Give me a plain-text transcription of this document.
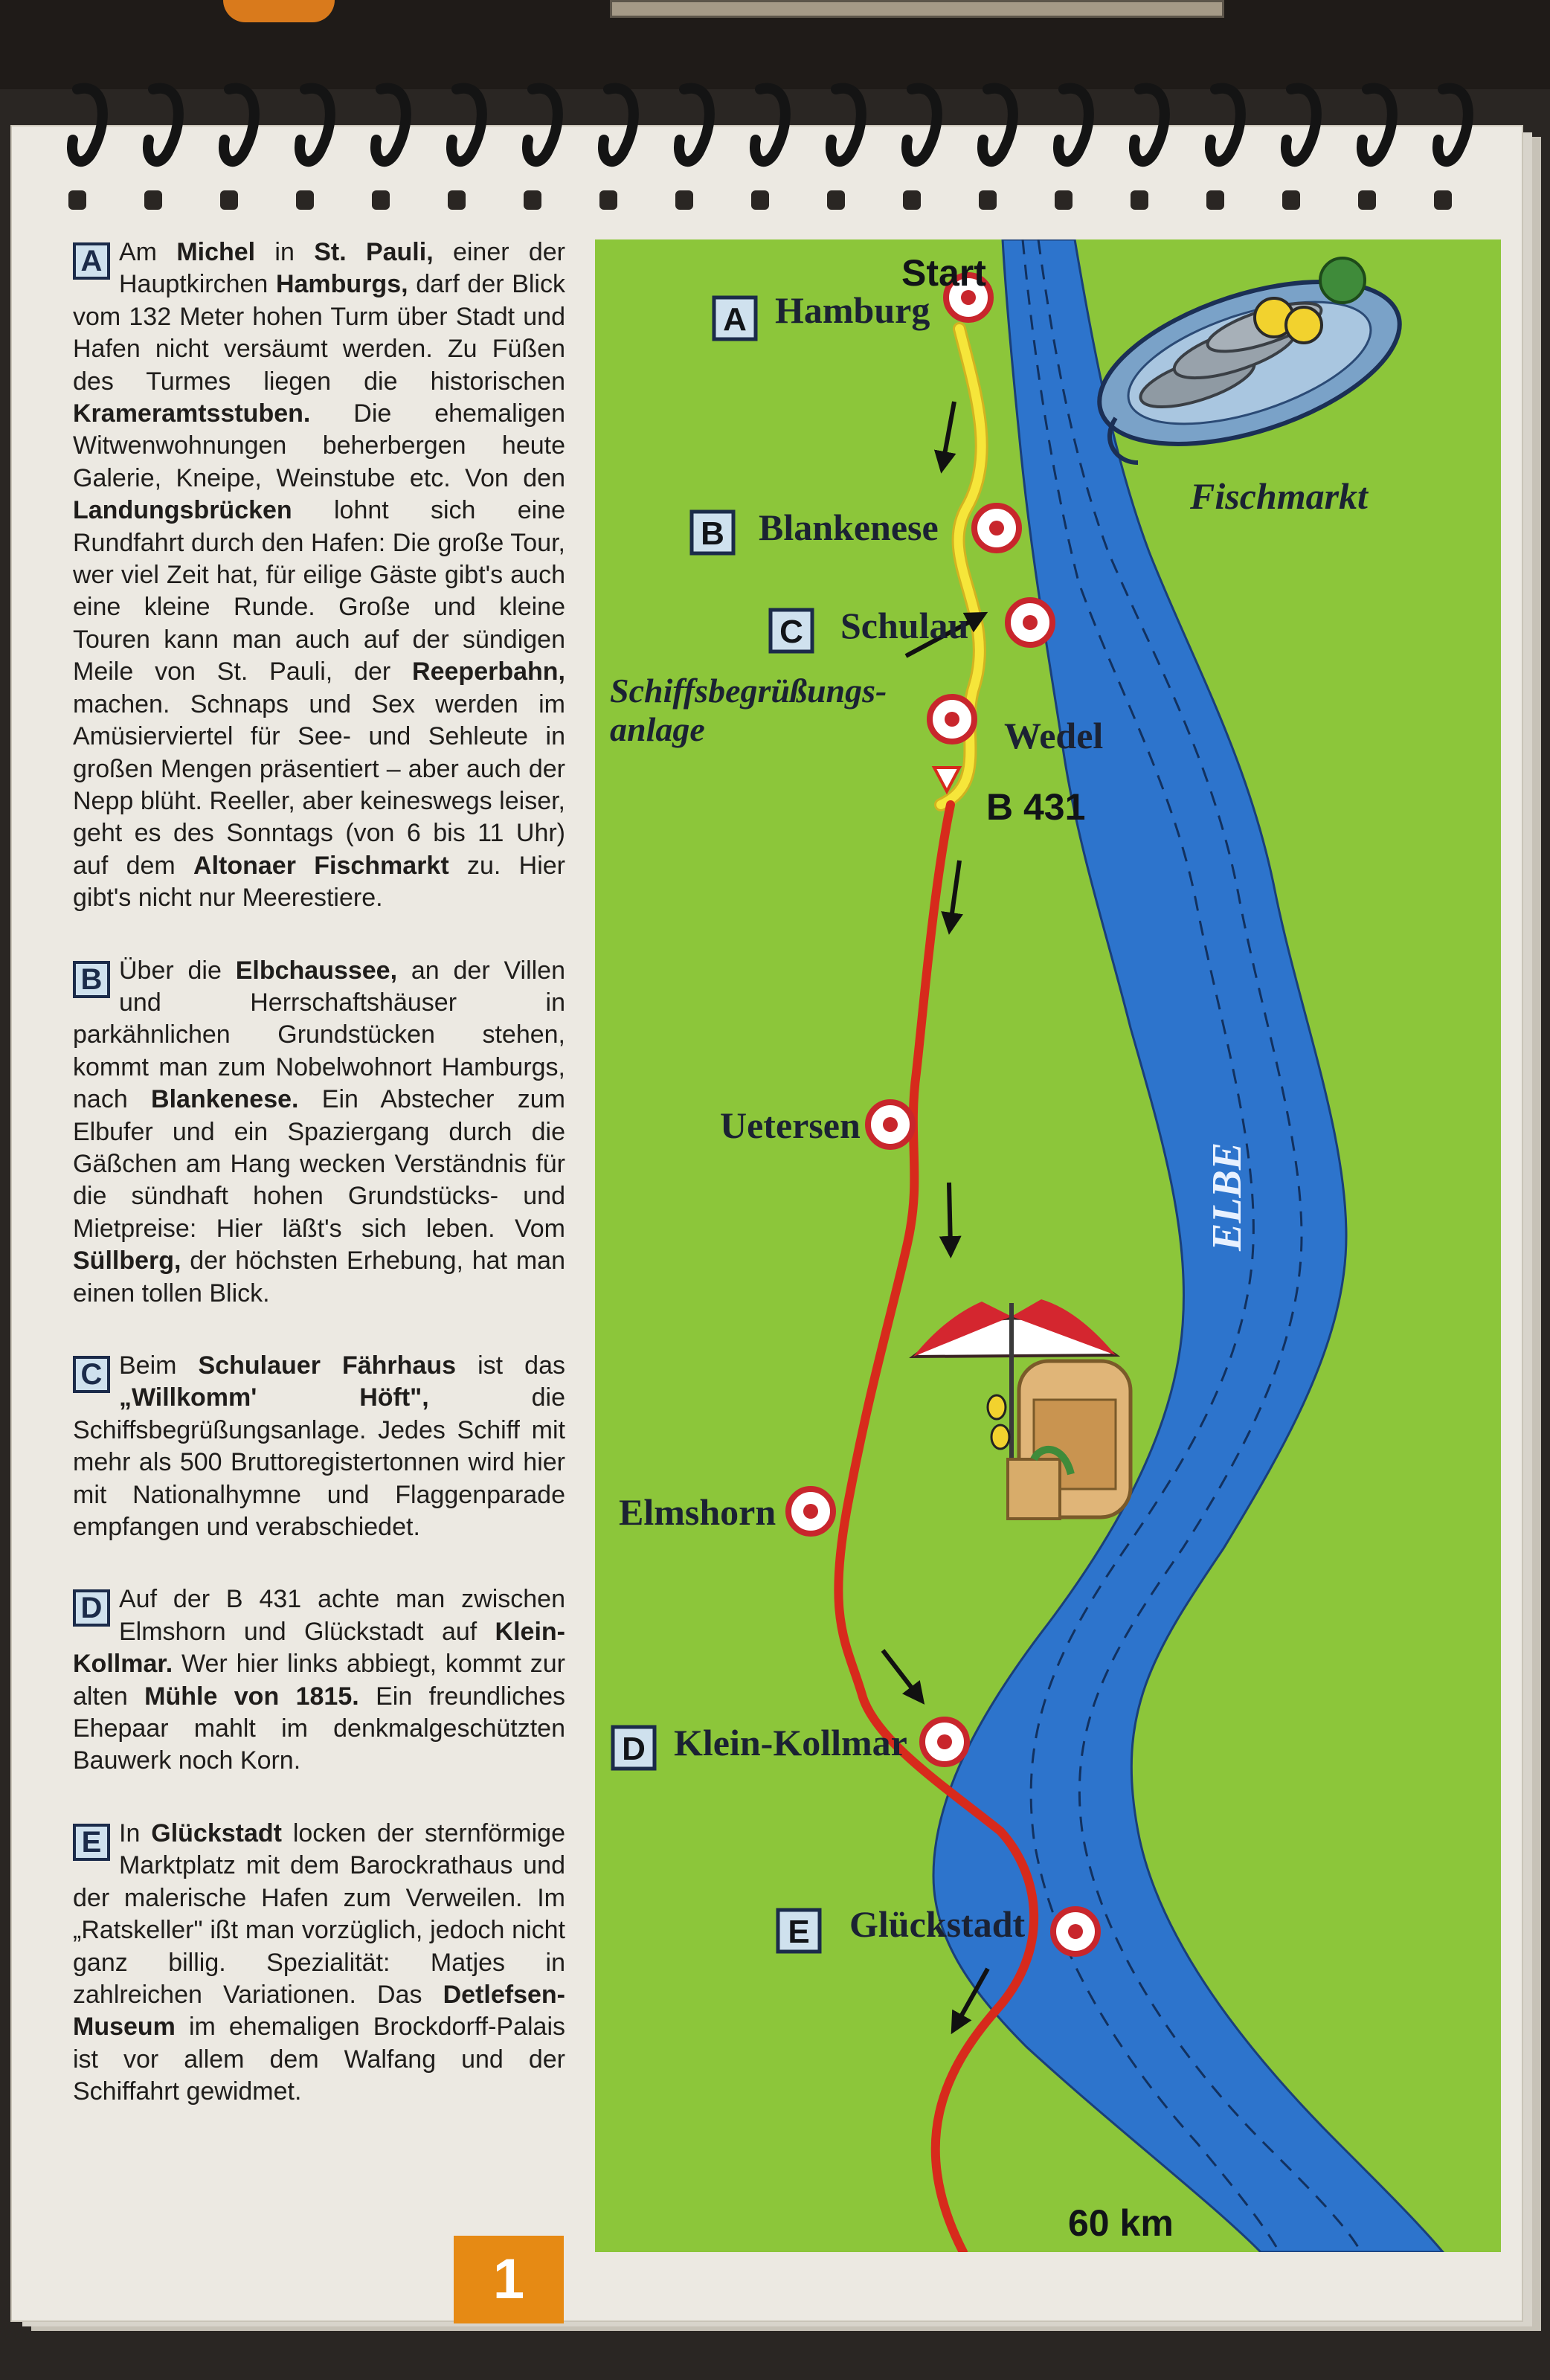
A Am Michel in St. Pauli, einer der Hauptkirchen Hamburgs, darf der Blick vom 132 Meter hohen Turm über Stadt und Hafen nicht versäumt werden. Zu Füßen des Turmes liegen die historischen Krameramtsstuben. Die ehemaligen Witwenwohnungen beherbergen heute Galerie, Kneipe, Weinstube etc. Von den Landungsbrücken lohnt sich eine Rundfahrt durch den Hafen: Die große Tour, wer viel Zeit hat, für eilige Gäste gibt's auch eine kleine Runde. Große und kleine Touren kann man auch auf der sündigen Meile von St. Pauli, der Reeperbahn, machen. Schnaps und Sex werden im Amüsierviertel für See- und Sehleute in großen Mengen präsentiert – aber auch der Nepp blüht. Reeller, aber keineswegs leiser, geht es des Sonntags (von 6 bis 11 Uhr) auf dem Altonaer Fischmarkt zu. Hier gibt's nicht nur Meerestiere.

B Über die Elbchaussee, an der Villen und Herrschaftshäuser in parkähnlichen Grundstücken stehen, kommt man zum Nobelwohnort Hamburgs, nach Blankenese. Ein Abstecher zum Elbufer und ein Spaziergang durch die Gäßchen am Hang wecken Verständnis für die sündhaft hohen Grundstücks- und Mietpreise: Hier läßt's sich leben. Vom Süllberg, der höchsten Erhebung, hat man einen tollen Blick.

C Beim Schulauer Fährhaus ist das „Willkomm' Höft", die Schiffsbegrüßungsanlage. Jedes Schiff mit mehr als 500 Bruttoregistertonnen wird hier mit Nationalhymne und Flaggenparade empfangen und verabschiedet.

D Auf der B 431 achte man zwischen Elmshorn und Glückstadt auf Klein-Kollmar. Wer hier links abbiegt, kommt zur alten Mühle von 1815. Ein freundliches Ehepaar mahlt im denkmalgeschützten Bauwerk noch Korn.

E In Glückstadt locken der sternförmige Marktplatz mit dem Barockrathaus und der malerische Hafen zum Verweilen. Im „Ratskeller" ißt man vorzüglich, jedoch nicht ganz billig. Spezialität: Matjes in zahlreichen Variationen. Das Detlefsen-Museum im ehemaligen Brockdorff-Palais ist vor allem dem Walfang und der Schiffahrt gewidmet.

1
ELBE
A
B
C
D
E
Start
Hamburg
Blankenese
Schulau
Schiffsbegrüßungs-
anlage	Wedel
B 431
Uetersen
Elmshorn
Klein-Kollmar
Glückstadt
Fischmarkt
60 km
